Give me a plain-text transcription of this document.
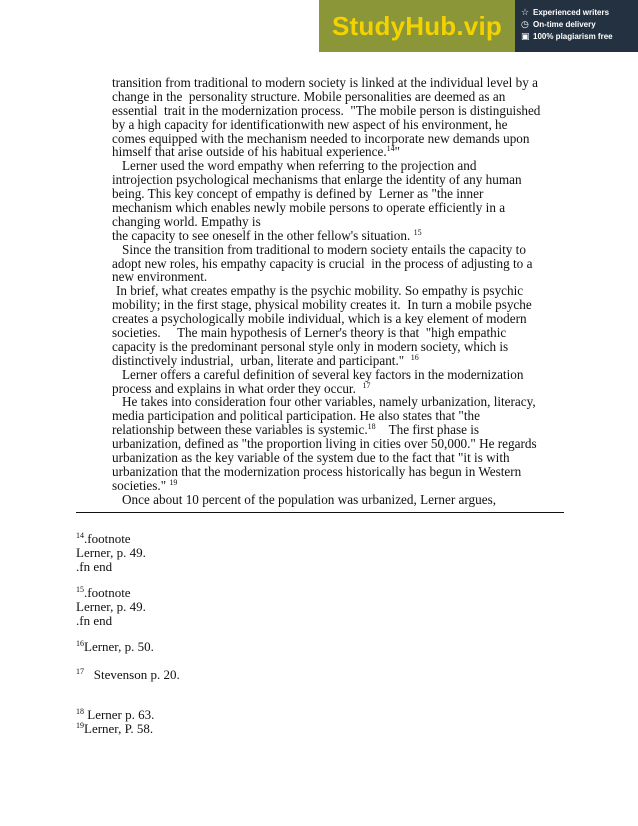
StudyHub.vip ☆ Experienced writers
◷ On-time delivery
▣ 100% plagiarism free
transition from traditional to modern society is linked at the individual level by a
change in the  personality structure. Mobile personalities are deemed as an
essential  trait in the modernization process.  "The mobile person is distinguished
by a high capacity for identificationwith new aspect of his environment, he
comes equipped with the mechanism needed to incorporate new demands upon
himself that arise outside of his habitual experience.$^{14}$"
Lerner used the word empathy when referring to the projection and
introjection psychological mechanisms that enlarge the identity of any human
being. This key concept of empathy is defined by  Lerner as "the inner
mechanism which enables newly mobile persons to operate efficiently in a
changing world. Empathy is
the capacity to see oneself in the other fellow's situation. $^{15}$
Since the transition from traditional to modern society entails the capacity to
adopt new roles, his empathy capacity is crucial  in the process of adjusting to a
new environment.
In brief, what creates empathy is the psychic mobility. So empathy is psychic
mobility; in the first stage, physical mobility creates it.  In turn a mobile psyche
creates a psychologically mobile individual, which is a key element of modern
societies.     The main hypothesis of Lerner's theory is that  "high empathic
capacity is the predominant personal style only in modern society, which is
distinctively industrial,  urban, literate and participant."  $^{16}$
Lerner offers a careful definition of several key factors in the modernization
process and explains in what order they occur.  $^{17}$
He takes into consideration four other variables, namely urbanization, literacy,
media participation and political participation. He also states that "the
relationship between these variables is systemic.$^{18}$    The first phase is
urbanization, defined as "the proportion living in cities over 50,000." He regards
urbanization as the key variable of the system due to the fact that "it is with
urbanization that the modernization process historically has begun in Western
societies." $^{19}$
Once about 10 percent of the population was urbanized, Lerner argues,
$^{14}$.footnote
Lerner, p. 49.
.fn end
$^{15}$.footnote
Lerner, p. 49.
.fn end
$^{16}$Lerner, p. 50.
$^{17}$   Stevenson p. 20.
$^{18}$ Lerner p. 63.
$^{19}$Lerner, P. 58.
